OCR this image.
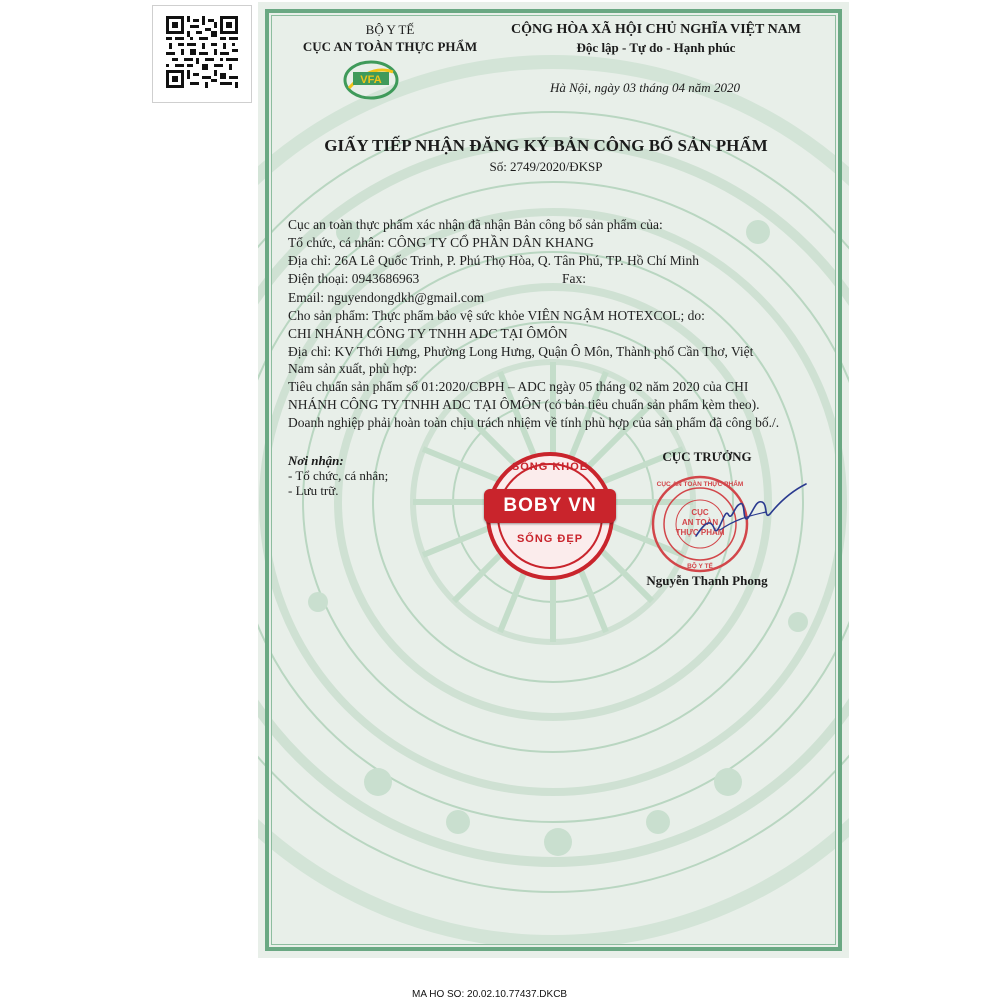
BỘ Y TẾ
CỤC AN TOÀN THỰC PHẨM
VFA
CỘNG HÒA XÃ HỘI CHỦ NGHĨA VIỆT NAM
Độc lập - Tự do - Hạnh phúc
Hà Nội, ngày 03 tháng 04 năm 2020
GIẤY TIẾP NHẬN ĐĂNG KÝ BẢN CÔNG BỐ SẢN PHẨM
Số: 2749/2020/ĐKSP
Cục an toàn thực phẩm xác nhận đã nhận Bản công bố sản phẩm của:
Tổ chức, cá nhân: CÔNG TY CỔ PHẦN DÂN KHANG
Địa chỉ: 26A Lê Quốc Trinh, P. Phú Thọ Hòa, Q. Tân Phú, TP. Hồ Chí Minh
Điện thoại: 0943686963	Fax:
Email: nguyendongdkh@gmail.com
Cho sản phẩm: Thực phẩm bảo vệ sức khỏe VIÊN NGẬM HOTEXCOL; do:
CHI NHÁNH CÔNG TY TNHH ADC TẠI ÔMÔN
Địa chỉ: KV Thới Hưng, Phường Long Hưng, Quận Ô Môn, Thành phố Cần Thơ, Việt
Nam sản xuất, phù hợp:
Tiêu chuẩn sản phẩm số 01:2020/CBPH – ADC ngày 05 tháng 02 năm 2020 của CHI
NHÁNH CÔNG TY TNHH ADC TẠI ÔMÔN (có bản tiêu chuẩn sản phẩm kèm theo).
Doanh nghiệp phải hoàn toàn chịu trách nhiệm về tính phù hợp của sản phẩm đã công bố./.
Nơi nhận:
- Tổ chức, cá nhân;
- Lưu trữ.
SỐNG KHỎE
BOBY VN
SỐNG ĐẸP
CỤC TRƯỞNG
CỤC AN TOÀN THỰC PHẨM
BỘ Y TẾ
CỤC
AN TOÀN
THỰC PHẨM
Nguyễn Thanh Phong
MA HO SO: 20.02.10.77437.DKCB
